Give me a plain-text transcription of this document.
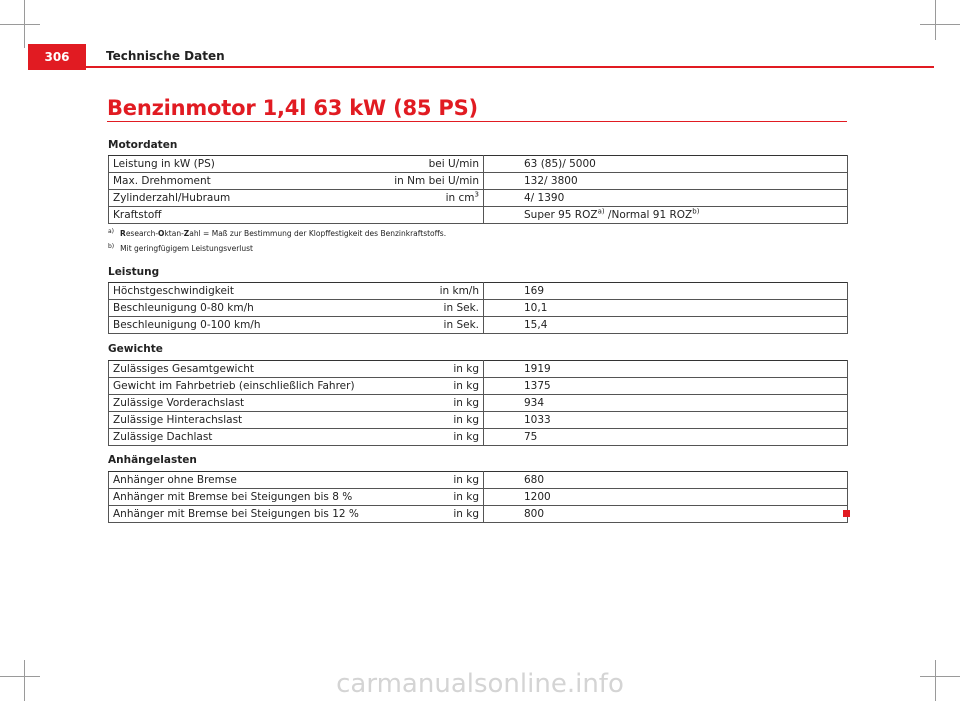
306	Technische Daten
Benzinmotor 1,4l 63 kW (85 PS)
Motordaten
Leistung in kW (PS)	bei U/min	63 (85)/ 5000
Max. Drehmoment	in Nm bei U/min	132/ 3800
Zylinderzahl/Hubraum	in $cm^3$	4/ 1390
Kraftstoff		Super 95 ROZ$^{a)}$ /Normal 91 ROZ$^{b)}$
$^{a)}$ Research-Oktan-Zahl = Maß zur Bestimmung der Klopffestigkeit des Benzinkraftstoffs.
$^{b)}$ Mit geringfügigem Leistungsverlust
Leistung
Höchstgeschwindigkeit	in km/h	169
Beschleunigung 0-80 km/h	in Sek.	10,1
Beschleunigung 0-100 km/h	in Sek.	15,4
Gewichte
Zulässiges Gesamtgewicht	in kg	1919
Gewicht im Fahrbetrieb (einschließlich Fahrer)	in kg	1375
Zulässige Vorderachslast	in kg	934
Zulässige Hinterachslast	in kg	1033
Zulässige Dachlast	in kg	75
Anhängelasten
Anhänger ohne Bremse	in kg	680
Anhänger mit Bremse bei Steigungen bis 8 %	in kg	1200
Anhänger mit Bremse bei Steigungen bis 12 %	in kg	800
carmanualsonline.info
